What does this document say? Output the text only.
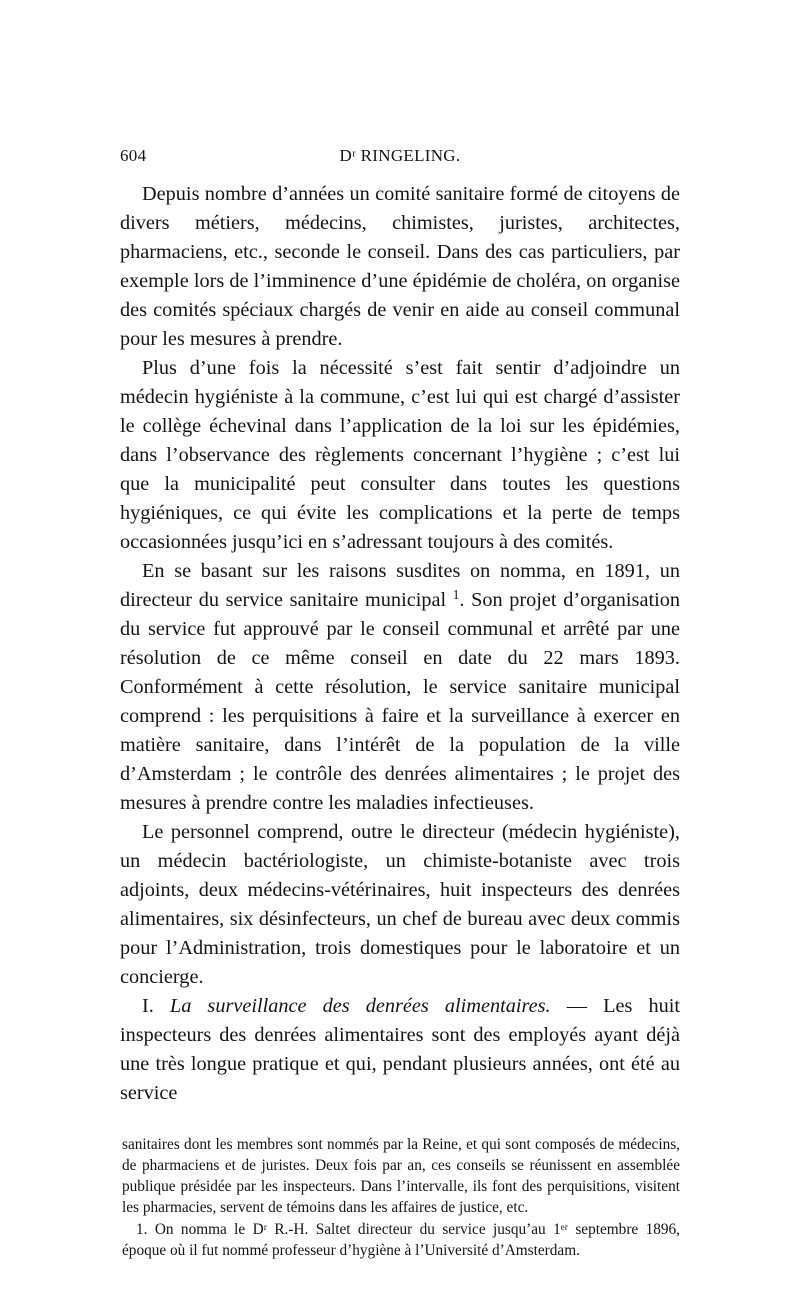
604	Dʳ RINGELING.

Depuis nombre d’années un comité sanitaire formé de citoyens de divers métiers, médecins, chimistes, juristes, architectes, pharmaciens, etc., seconde le conseil. Dans des cas particuliers, par exemple lors de l’imminence d’une épidémie de choléra, on organise des comités spéciaux chargés de venir en aide au conseil communal pour les mesures à prendre.

Plus d’une fois la nécessité s’est fait sentir d’adjoindre un médecin hygiéniste à la commune, c’est lui qui est chargé d’assister le collège échevinal dans l’application de la loi sur les épidémies, dans l’observance des règlements concernant l’hygiène ; c’est lui que la municipalité peut consulter dans toutes les questions hygiéniques, ce qui évite les complications et la perte de temps occasionnées jusqu’ici en s’adressant toujours à des comités.

En se basant sur les raisons susdites on nomma, en 1891, un directeur du service sanitaire municipal $^1$. Son projet d’organisation du service fut approuvé par le conseil communal et arrêté par une résolution de ce même conseil en date du 22 mars 1893. Conformément à cette résolution, le service sanitaire municipal comprend : les perquisitions à faire et la surveillance à exercer en matière sanitaire, dans l’intérêt de la population de la ville d’Amsterdam ; le contrôle des denrées alimentaires ; le projet des mesures à prendre contre les maladies infectieuses.

Le personnel comprend, outre le directeur (médecin hygiéniste), un médecin bactériologiste, un chimiste-botaniste avec trois adjoints, deux médecins-vétérinaires, huit inspecteurs des denrées alimentaires, six désinfecteurs, un chef de bureau avec deux commis pour l’Administration, trois domestiques pour le laboratoire et un concierge.

I. La surveillance des denrées alimentaires. — Les huit inspecteurs des denrées alimentaires sont des employés ayant déjà une très longue pratique et qui, pendant plusieurs années, ont été au service

sanitaires dont les membres sont nommés par la Reine, et qui sont composés de médecins, de pharmaciens et de juristes. Deux fois par an, ces conseils se réunissent en assemblée publique présidée par les inspecteurs. Dans l’intervalle, ils font des perquisitions, visitent les pharmacies, servent de témoins dans les affaires de justice, etc.

1. On nomma le Dʳ R.-H. Saltet directeur du service jusqu’au 1ᵉʳ septembre 1896, époque où il fut nommé professeur d’hygiène à l’Université d’Amsterdam.
